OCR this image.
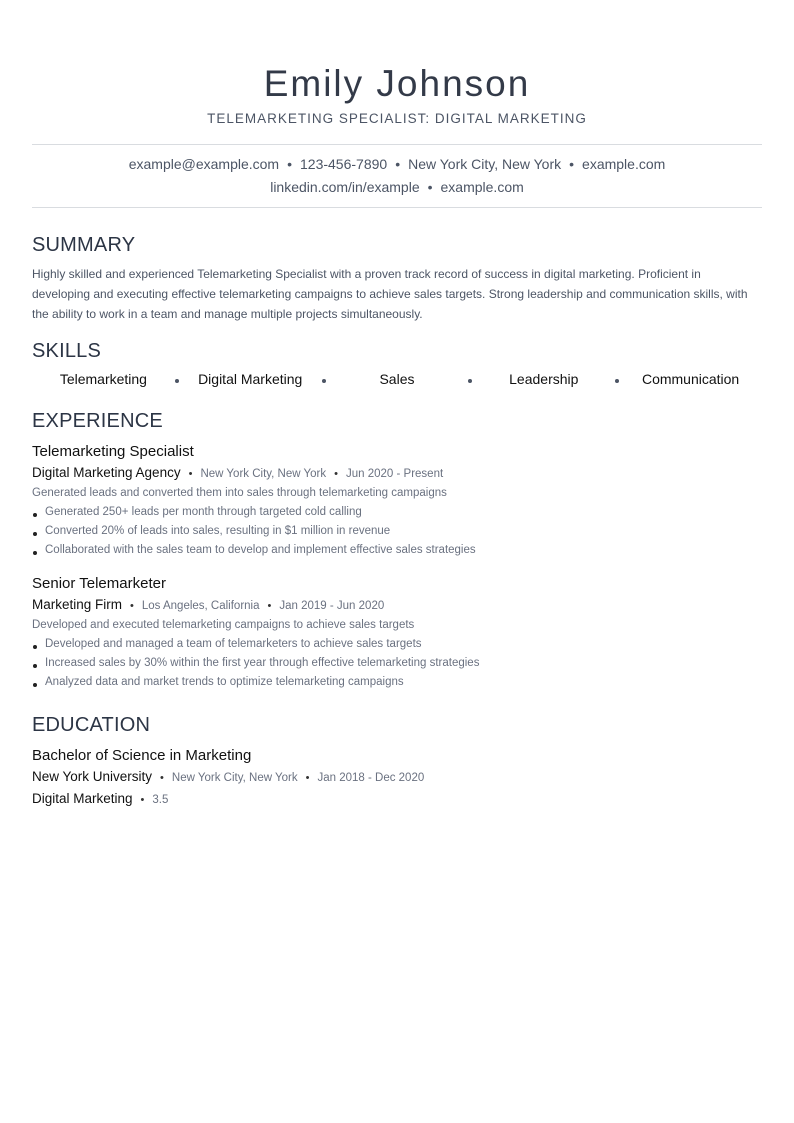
Emily Johnson
TELEMARKETING SPECIALIST: DIGITAL MARKETING
example@example.com • 123-456-7890 • New York City, New York • example.com
linkedin.com/in/example • example.com
SUMMARY
Highly skilled and experienced Telemarketing Specialist with a proven track record of success in digital marketing. Proficient in developing and executing effective telemarketing campaigns to achieve sales targets. Strong leadership and communication skills, with the ability to work in a team and manage multiple projects simultaneously.
SKILLS
Telemarketing	Digital Marketing	Sales	Leadership	Communication
EXPERIENCE
Telemarketing Specialist
Digital Marketing Agency • New York City, New York • Jun 2020 - Present
Generated leads and converted them into sales through telemarketing campaigns
Generated 250+ leads per month through targeted cold calling
Converted 20% of leads into sales, resulting in $1 million in revenue
Collaborated with the sales team to develop and implement effective sales strategies
Senior Telemarketer
Marketing Firm • Los Angeles, California • Jan 2019 - Jun 2020
Developed and executed telemarketing campaigns to achieve sales targets
Developed and managed a team of telemarketers to achieve sales targets
Increased sales by 30% within the first year through effective telemarketing strategies
Analyzed data and market trends to optimize telemarketing campaigns
EDUCATION
Bachelor of Science in Marketing
New York University • New York City, New York • Jan 2018 - Dec 2020
Digital Marketing • 3.5
